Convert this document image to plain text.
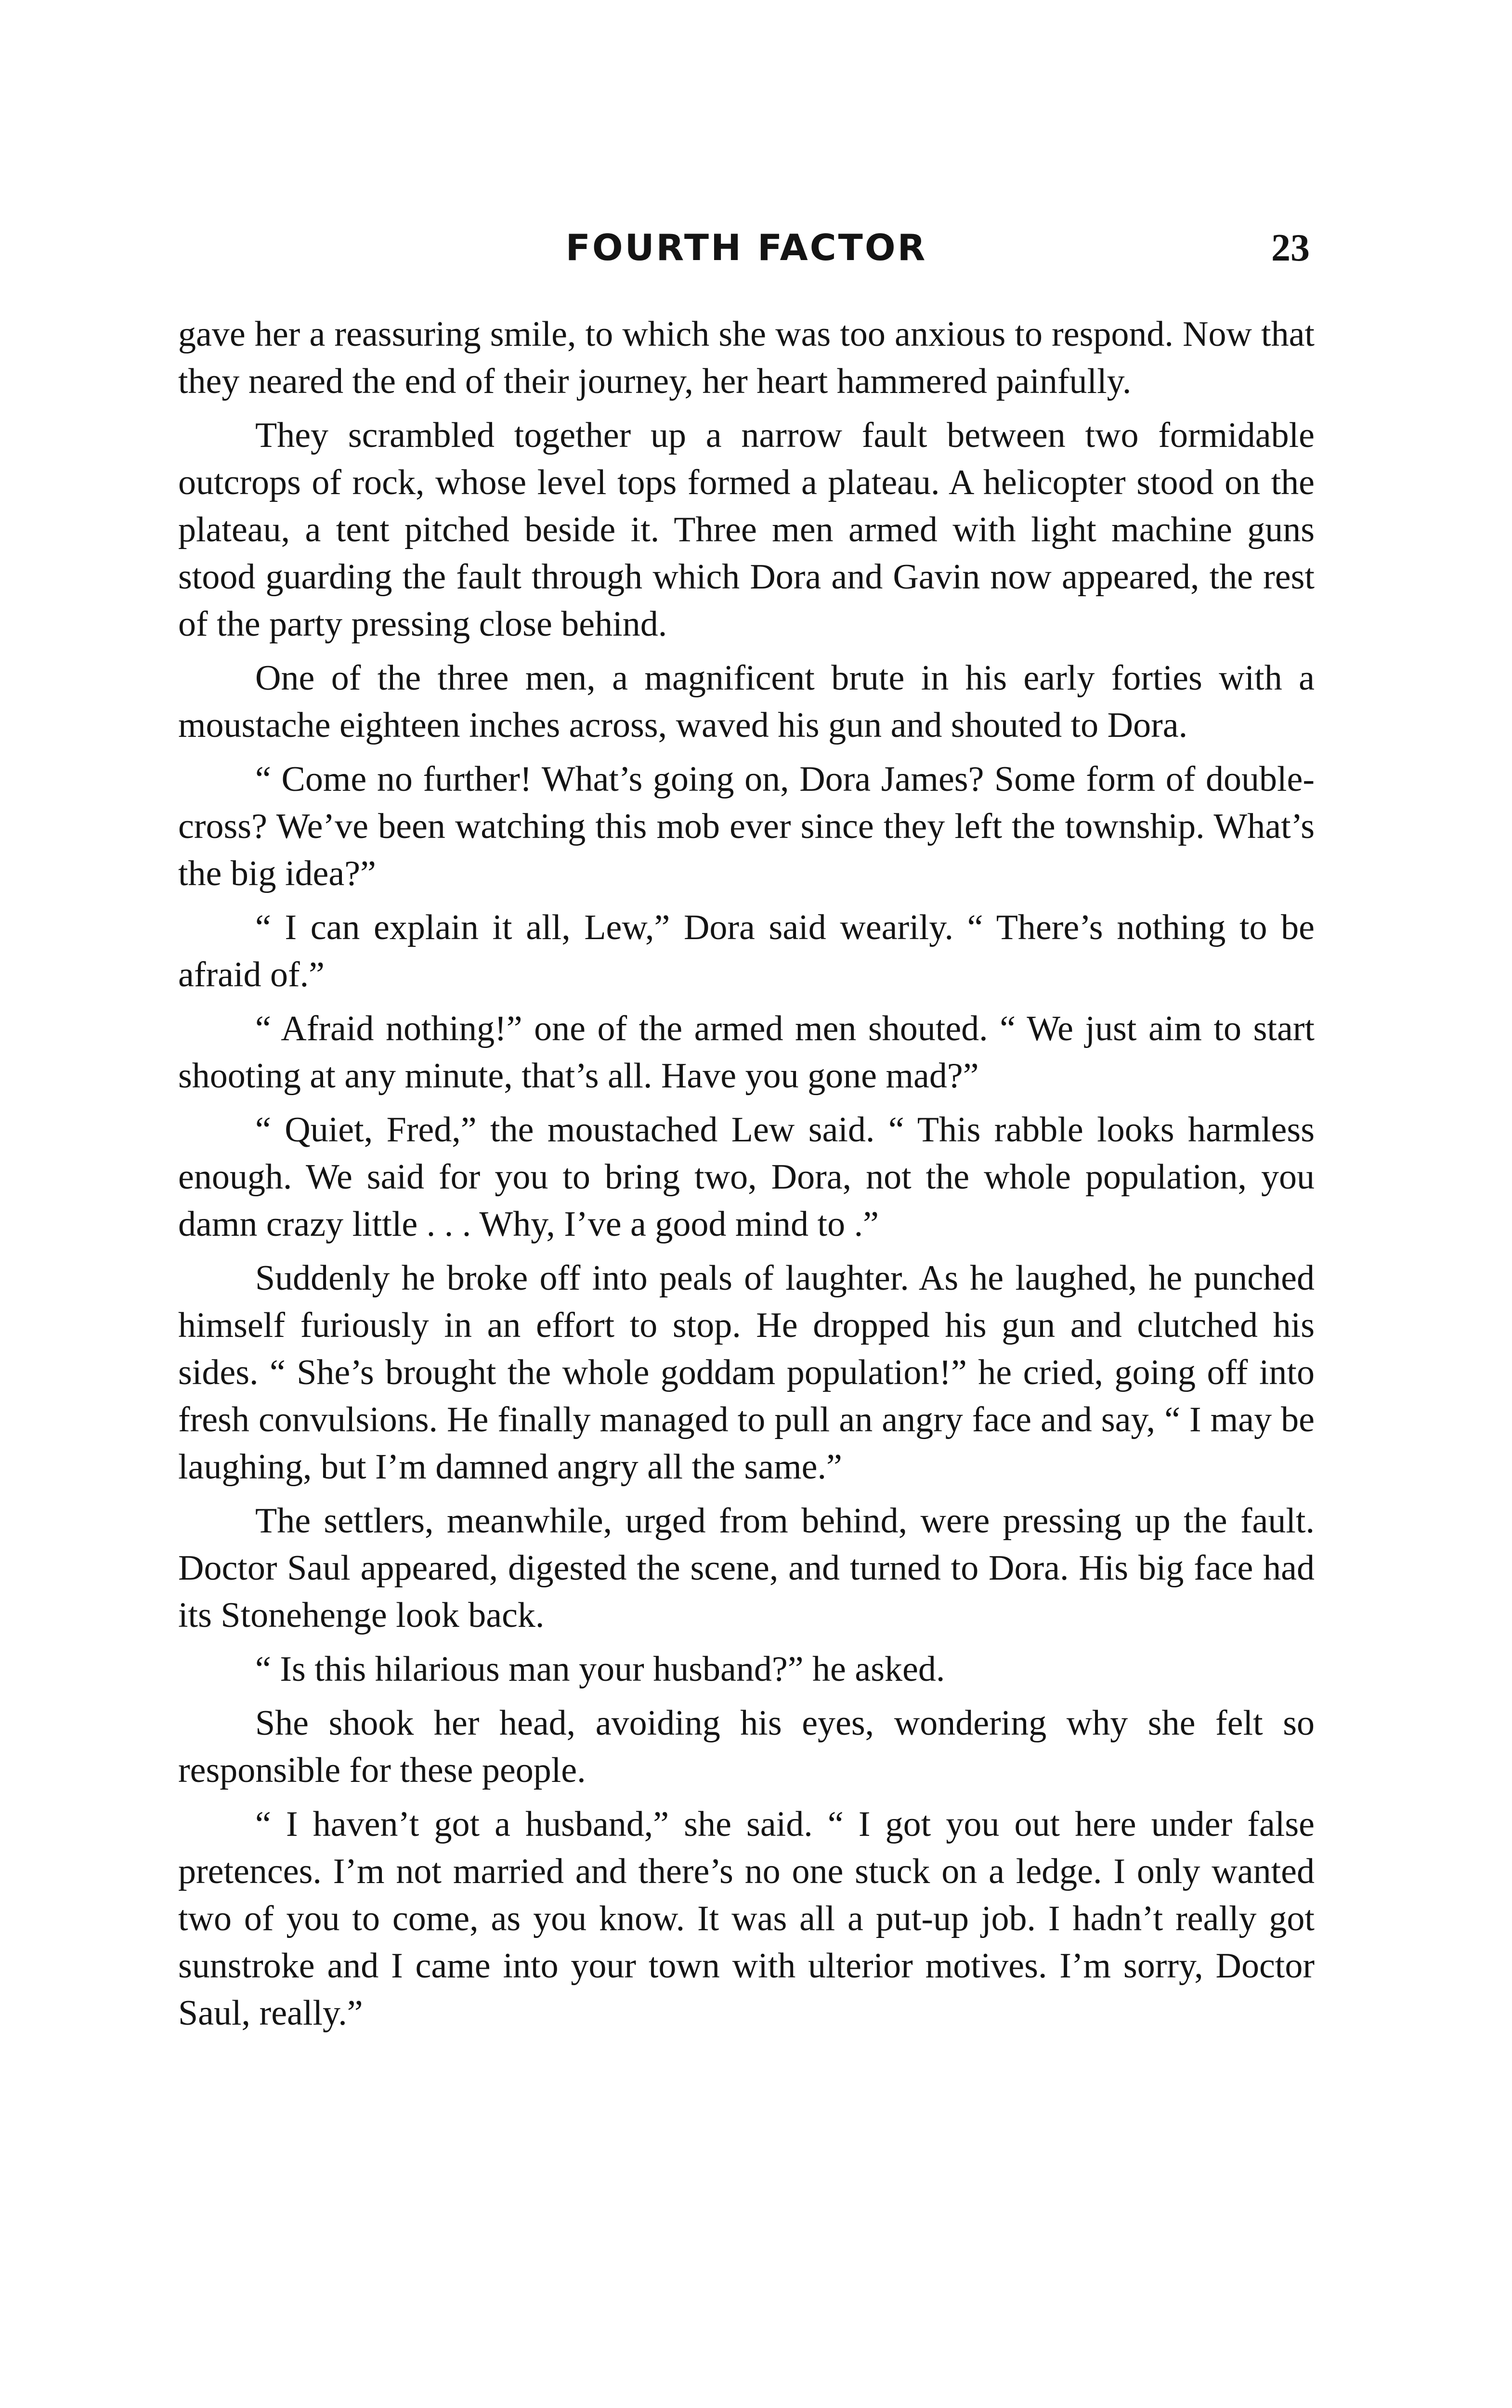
FOURTH FACTOR	23

gave her a reassuring smile, to which she was too anxious to respond. Now that they neared the end of their journey, her heart hammered painfully.

They scrambled together up a narrow fault between two formidable outcrops of rock, whose level tops formed a plateau. A helicopter stood on the plateau, a tent pitched beside it. Three men armed with light machine guns stood guarding the fault through which Dora and Gavin now appeared, the rest of the party pressing close behind.

One of the three men, a magnificent brute in his early forties with a moustache eighteen inches across, waved his gun and shouted to Dora.

“ Come no further! What’s going on, Dora James? Some form of double-cross? We’ve been watching this mob ever since they left the township. What’s the big idea?”

“ I can explain it all, Lew,” Dora said wearily. “ There’s nothing to be afraid of.”

“ Afraid nothing!” one of the armed men shouted. “ We just aim to start shooting at any minute, that’s all. Have you gone mad?”

“ Quiet, Fred,” the moustached Lew said. “ This rabble looks harmless enough. We said for you to bring two, Dora, not the whole population, you damn crazy little . . . Why, I’ve a good mind to .”

Suddenly he broke off into peals of laughter. As he laughed, he punched himself furiously in an effort to stop. He dropped his gun and clutched his sides. “ She’s brought the whole goddam population!” he cried, going off into fresh convulsions. He finally managed to pull an angry face and say, “ I may be laughing, but I’m damned angry all the same.”

The settlers, meanwhile, urged from behind, were pressing up the fault. Doctor Saul appeared, digested the scene, and turned to Dora. His big face had its Stonehenge look back.

“ Is this hilarious man your husband?” he asked.

She shook her head, avoiding his eyes, wondering why she felt so responsible for these people.

“ I haven’t got a husband,” she said. “ I got you out here under false pretences. I’m not married and there’s no one stuck on a ledge. I only wanted two of you to come, as you know. It was all a put-up job. I hadn’t really got sunstroke and I came into your town with ulterior motives. I’m sorry, Doctor Saul, really.”
